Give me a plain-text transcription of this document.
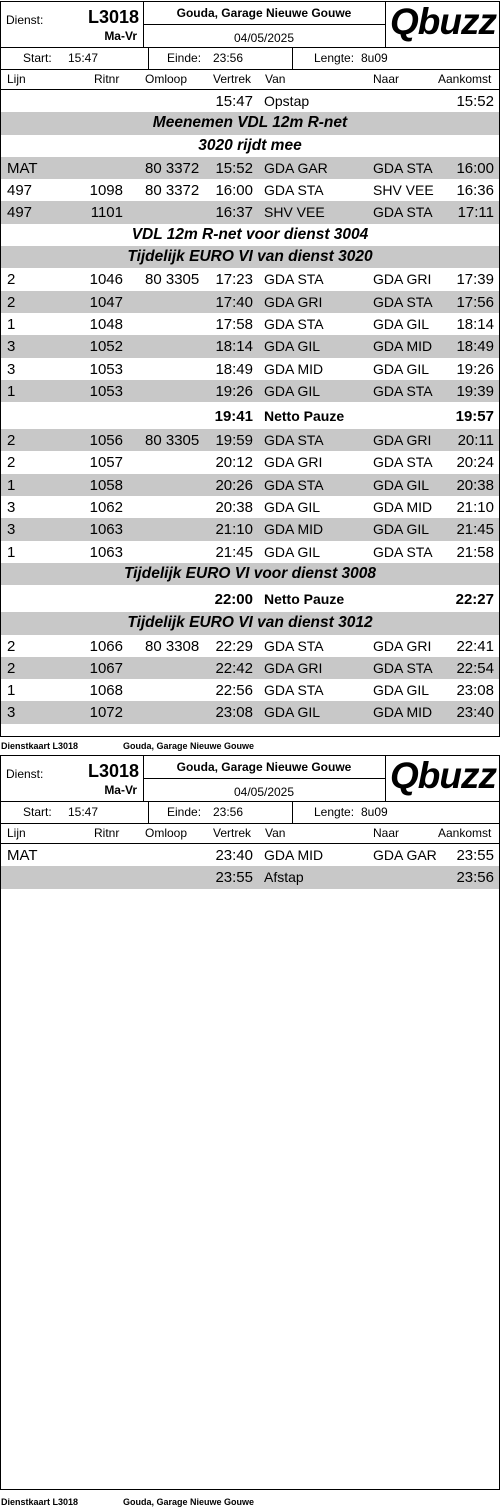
Dienst:	L3018
Ma-Vr
Gouda, Garage Nieuwe Gouwe
04/05/2025	Qbuzz
Start: 15:47	Einde: 23:56	Lengte: 8u09
Lijn	Ritnr Omloop Vertrek Van	Naar	Aankomst
15:47 Opstap	15:52
Meenemen VDL 12m R-net
3020 rijdt mee
MAT	80 3372 15:52 GDA GAR	GDA STA 16:00
497	1098 80 3372 16:00 GDA STA	SHV VEE 16:36
497	1101	16:37 SHV VEE	GDA STA 17:11
VDL 12m R-net voor dienst 3004
Tijdelijk EURO VI van dienst 3020
2	1046 80 3305 17:23 GDA STA	GDA GRI 17:39
2	1047	17:40 GDA GRI	GDA STA 17:56
1	1048	17:58 GDA STA	GDA GIL 18:14
3	1052	18:14 GDA GIL	GDA MID 18:49
3	1053	18:49 GDA MID	GDA GIL 19:26
1	1053	19:26 GDA GIL	GDA STA 19:39
19:41 Netto Pauze	19:57
2	1056 80 3305 19:59 GDA STA	GDA GRI 20:11
2	1057	20:12 GDA GRI	GDA STA 20:24
1	1058	20:26 GDA STA	GDA GIL 20:38
3	1062	20:38 GDA GIL	GDA MID 21:10
3	1063	21:10 GDA MID	GDA GIL 21:45
1	1063	21:45 GDA GIL	GDA STA 21:58
Tijdelijk EURO VI voor dienst 3008
22:00 Netto Pauze	22:27
Tijdelijk EURO VI van dienst 3012
2	1066 80 3308 22:29 GDA STA	GDA GRI 22:41
2	1067	22:42 GDA GRI	GDA STA 22:54
1	1068	22:56 GDA STA	GDA GIL 23:08
3	1072	23:08 GDA GIL	GDA MID 23:40
Dienstkaart L3018	Gouda, Garage Nieuwe Gouwe
Dienst:	L3018
Ma-Vr
Gouda, Garage Nieuwe Gouwe
04/05/2025	Qbuzz
Start: 15:47	Einde: 23:56	Lengte: 8u09
Lijn	Ritnr Omloop Vertrek Van	Naar	Aankomst
MAT	23:40 GDA MID	GDA GAR 23:55
23:55 Afstap	23:56
Dienstkaart L3018	Gouda, Garage Nieuwe Gouwe
